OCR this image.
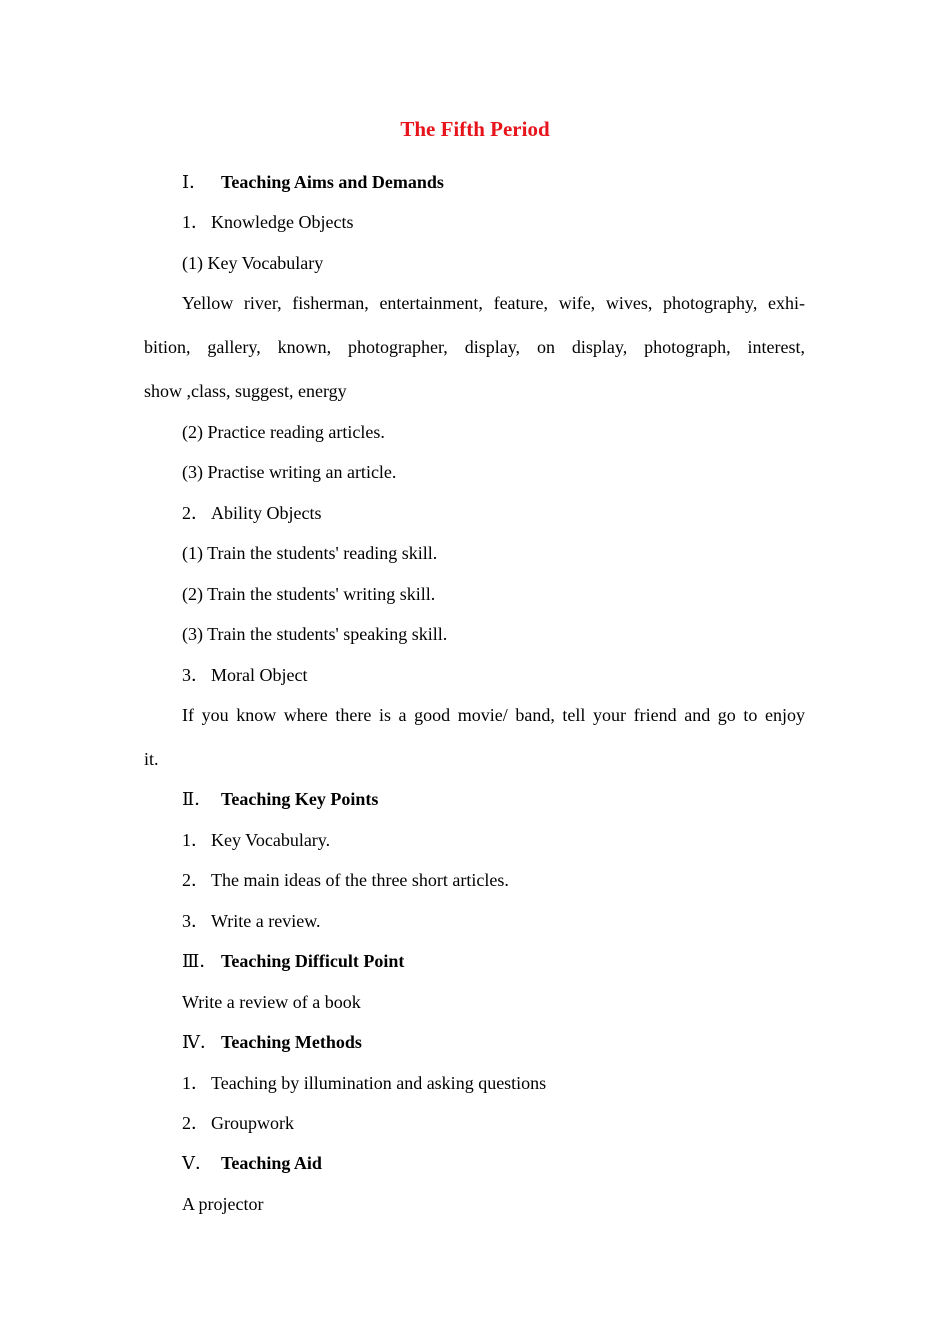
The Fifth Period
Ⅰ． Teaching Aims and Demands
1． Knowledge Objects
(1) Key Vocabulary
Yellow river, fisherman, entertainment, feature, wife, wives, photography, exhi-
bition, gallery, known, photographer, display, on display, photograph, interest,
show ,class, suggest, energy
(2) Practice reading articles.
(3) Practise writing an article.
2． Ability Objects
(1) Train the students' reading skill.
(2) Train the students' writing skill.
(3) Train the students' speaking skill.
3． Moral Object
If you know where there is a good movie/ band, tell your friend and go to enjoy
it.
Ⅱ． Teaching Key Points
1． Key Vocabulary.
2． The main ideas of the three short articles.
3． Write a review.
Ⅲ． Teaching Difficult Point
Write a review of a book
Ⅳ． Teaching Methods
1． Teaching by illumination and asking questions
2． Groupwork
Ⅴ． Teaching Aid
A projector
